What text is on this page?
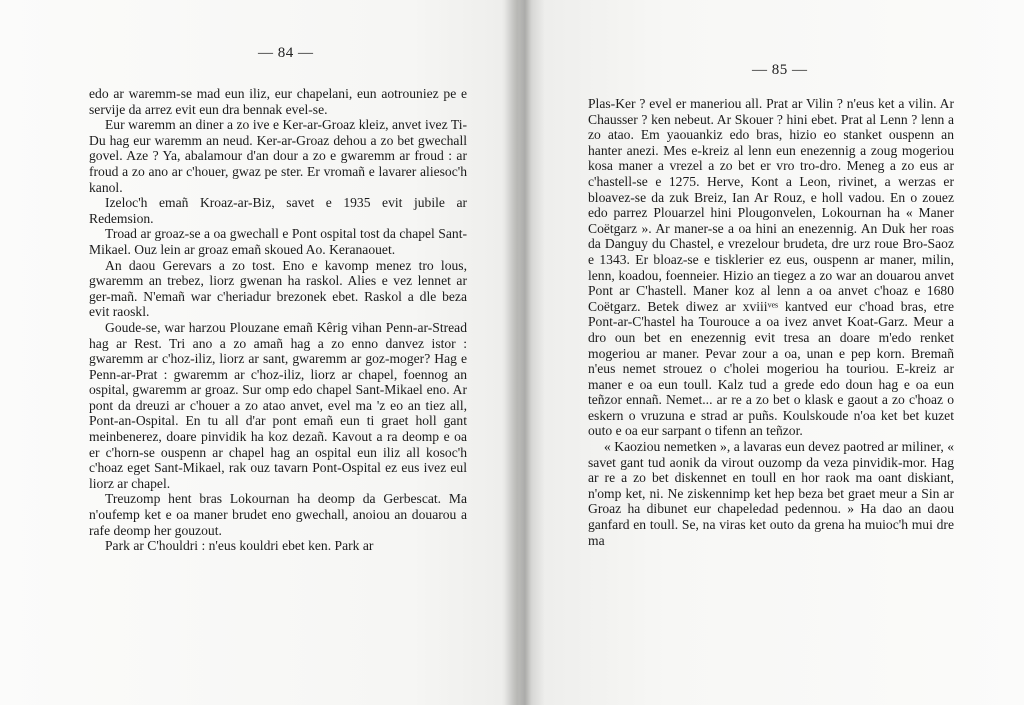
— 84 —

edo ar waremm-se mad eun iliz, eur chapelani, eun aotrouniez pe e servije da arrez evit eun dra bennak evel-se.

Eur waremm an diner a zo ive e Ker-ar-Groaz kleiz, anvet ivez Ti-Du hag eur waremm an neud. Ker-ar-Groaz dehou a zo bet gwechall govel. Aze ? Ya, abalamour d'an dour a zo e gwaremm ar froud : ar froud a zo ano ar c'houer, gwaz pe ster. Er vromañ e lavarer aliesoc'h kanol.

Izeloc'h emañ Kroaz-ar-Biz, savet e 1935 evit jubile ar Redemsion.

Troad ar groaz-se a oa gwechall e Pont ospital tost da chapel Sant-Mikael. Ouz lein ar groaz emañ skoued Ao. Keranaouet.

An daou Gerevars a zo tost. Eno e kavomp menez tro lous, gwaremm an trebez, liorz gwenan ha raskol. Alies e vez lennet ar ger-mañ. N'emañ war c'heriadur brezonek ebet. Raskol a dle beza evit raoskl.

Goude-se, war harzou Plouzane emañ Kêrig vihan Penn-ar-Stread hag ar Rest. Tri ano a zo amañ hag a zo enno danvez istor : gwaremm ar c'hoz-iliz, liorz ar sant, gwaremm ar goz-moger? Hag e Penn-ar-Prat : gwaremm ar c'hoz-iliz, liorz ar chapel, foennog an ospital, gwaremm ar groaz. Sur omp edo chapel Sant-Mikael eno. Ar pont da dreuzi ar c'houer a zo atao anvet, evel ma 'z eo an tiez all, Pont-an-Ospital. En tu all d'ar pont emañ eun ti graet holl gant meinbenerez, doare pinvidik ha koz dezañ. Kavout a ra deomp e oa er c'horn-se ouspenn ar chapel hag an ospital eun iliz all kosoc'h c'hoaz eget Sant-Mikael, rak ouz tavarn Pont-Ospital ez eus ivez eul liorz ar chapel.

Treuzomp hent bras Lokournan ha deomp da Gerbescat. Ma n'oufemp ket e oa maner brudet eno gwechall, anoiou an douarou a rafe deomp her gouzout.

Park ar C'houldri : n'eus kouldri ebet ken. Park ar

— 85 —

Plas-Ker ? evel er maneriou all. Prat ar Vilin ? n'eus ket a vilin. Ar Chausser ? ken nebeut. Ar Skouer ? hini ebet. Prat al Lenn ? lenn a zo atao. Em yaouankiz edo bras, hizio eo stanket ouspenn an hanter anezi. Mes e-kreiz al lenn eun enezennig a zoug mogeriou kosa maner a vrezel a zo bet er vro tro-dro. Meneg a zo eus ar c'hastell-se e 1275. Herve, Kont a Leon, rivinet, a werzas er bloavez-se da zuk Breiz, Ian Ar Rouz, e holl vadou. En o zouez edo parrez Plouarzel hini Plougonvelen, Lokournan ha « Maner Coëtgarz ». Ar maner-se a oa hini an enezennig. An Duk her roas da Danguy du Chastel, e vrezelour brudeta, dre urz roue Bro-Saoz e 1343. Er bloaz-se e tisklerier ez eus, ouspenn ar maner, milin, lenn, koadou, foenneier. Hizio an tiegez a zo war an douarou anvet Pont ar C'hastell. Maner koz al lenn a oa anvet c'hoaz e 1680 Coëtgarz. Betek diwez ar xviiiᵛᵉˢ kantved eur c'hoad bras, etre Pont-ar-C'hastel ha Tourouce a oa ivez anvet Koat-Garz. Meur a dro oun bet en enezennig evit tresa an doare m'edo renket mogeriou ar maner. Pevar zour a oa, unan e pep korn. Bremañ n'eus nemet strouez o c'holei mogeriou ha touriou. E-kreiz ar maner e oa eun toull. Kalz tud a grede edo doun hag e oa eun teñzor ennañ. Nemet... ar re a zo bet o klask e gaout a zo c'hoaz o eskern o vruzuna e strad ar puñs. Koulskoude n'oa ket bet kuzet outo e oa eur sarpant o tifenn an teñzor.

« Kaoziou nemetken », a lavaras eun devez paotred ar miliner, « savet gant tud aonik da virout ouzomp da veza pinvidik-mor. Hag ar re a zo bet diskennet en toull en hor raok ma oant diskiant, n'omp ket, ni. Ne ziskennimp ket hep beza bet graet meur a Sin ar Groaz ha dibunet eur chapeledad pedennou. » Ha dao an daou ganfard en toull. Se, na viras ket outo da grena ha muioc'h mui dre ma
